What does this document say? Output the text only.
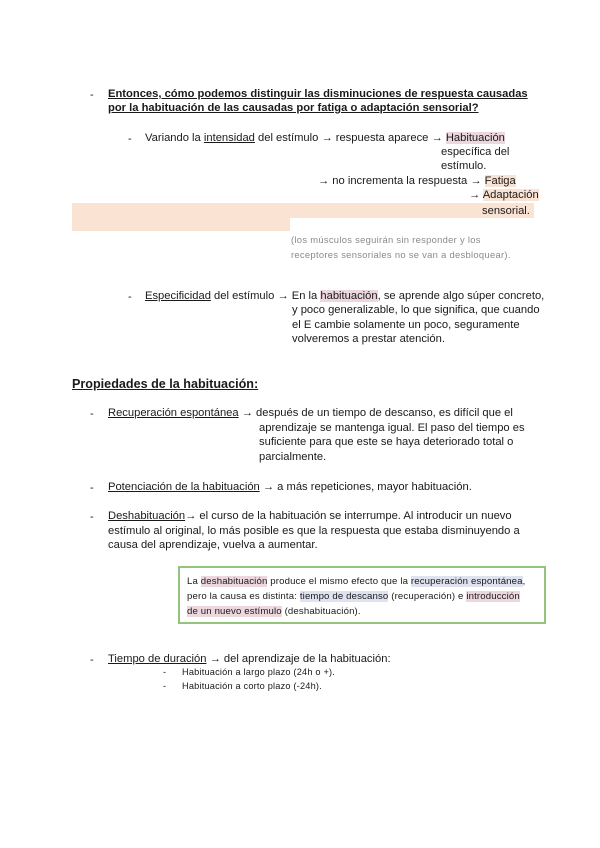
- Entonces, cómo podemos distinguir las disminuciones de respuesta causadas
por la habituación de las causadas por fatiga o adaptación sensorial?
- Variando la intensidad del estímulo → respuesta aparece → Habituación
específica del
estímulo.
→ no incrementa la respuesta → Fatiga
→ Adaptación
sensorial.
(los músculos seguirán sin responder y los
receptores sensoriales no se van a desbloquear).
- Especificidad del estímulo → En la habituación, se aprende algo súper concreto,
y poco generalizable, lo que significa, que cuando
el E cambie solamente un poco, seguramente
volveremos a prestar atención.
Propiedades de la habituación:
- Recuperación espontánea → después de un tiempo de descanso, es difícil que el
aprendizaje se mantenga igual. El paso del tiempo es
suficiente para que este se haya deteriorado total o
parcialmente.
- Potenciación de la habituación → a más repeticiones, mayor habituación.
- Deshabituación→ el curso de la habituación se interrumpe. Al introducir un nuevo
estímulo al original, lo más posible es que la respuesta que estaba disminuyendo a
causa del aprendizaje, vuelva a aumentar.
La deshabituación produce el mismo efecto que la recuperación espontánea,
pero la causa es distinta: tiempo de descanso (recuperación) e introducción
de un nuevo estímulo (deshabituación).
- Tiempo de duración → del aprendizaje de la habituación:
- Habituación a largo plazo (24h o +).
- Habituación a corto plazo (-24h).
